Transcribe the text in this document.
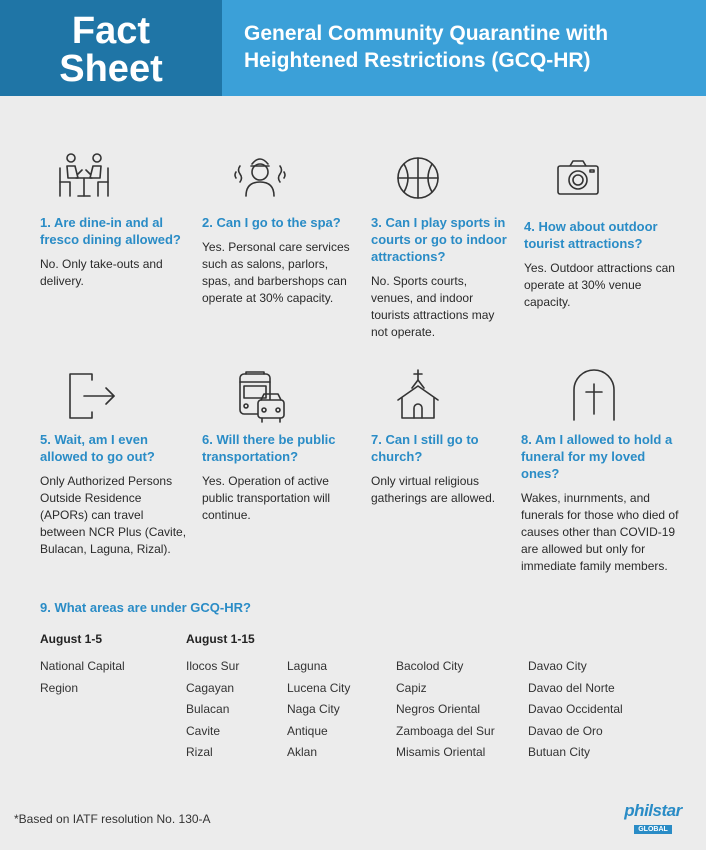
Fact
Sheet
General Community Quarantine with
Heightened Restrictions (GCQ-HR)
1. Are dine-in and al fresco dining allowed?
No. Only take-outs and delivery.
2. Can I go to the spa?
Yes. Personal care services such as salons, parlors, spas, and barbershops can operate at 30% capacity.
3. Can I play sports in courts or go to indoor attractions?
No. Sports courts, venues, and indoor tourists attractions may not operate.
4. How about outdoor tourist attractions?
Yes. Outdoor attractions can operate at 30% venue capacity.
5. Wait, am I even allowed to go out?
Only Authorized Persons Outside Residence (APORs) can travel between NCR Plus (Cavite, Bulacan, Laguna, Rizal).
6. Will there be public transportation?
Yes. Operation of active public transportation will continue.
7. Can I still go to church?
Only virtual religious gatherings are allowed.
8. Am I allowed to hold a funeral for my loved ones?
Wakes, inurnments, and funerals for those who died of causes other than COVID-19 are allowed but only for immediate family members.
9. What areas are under GCQ-HR?
August 1-5	August 1-15
National Capital
Region
Ilocos Sur
Cagayan
Bulacan
Cavite
Rizal
Laguna
Lucena City
Naga City
Antique
Aklan
Bacolod City
Capiz
Negros Oriental
Zamboaga del Sur
Misamis Oriental
Davao City
Davao del Norte
Davao Occidental
Davao de Oro
Butuan City
*Based on IATF resolution No. 130-A	philstar
GLOBAL
